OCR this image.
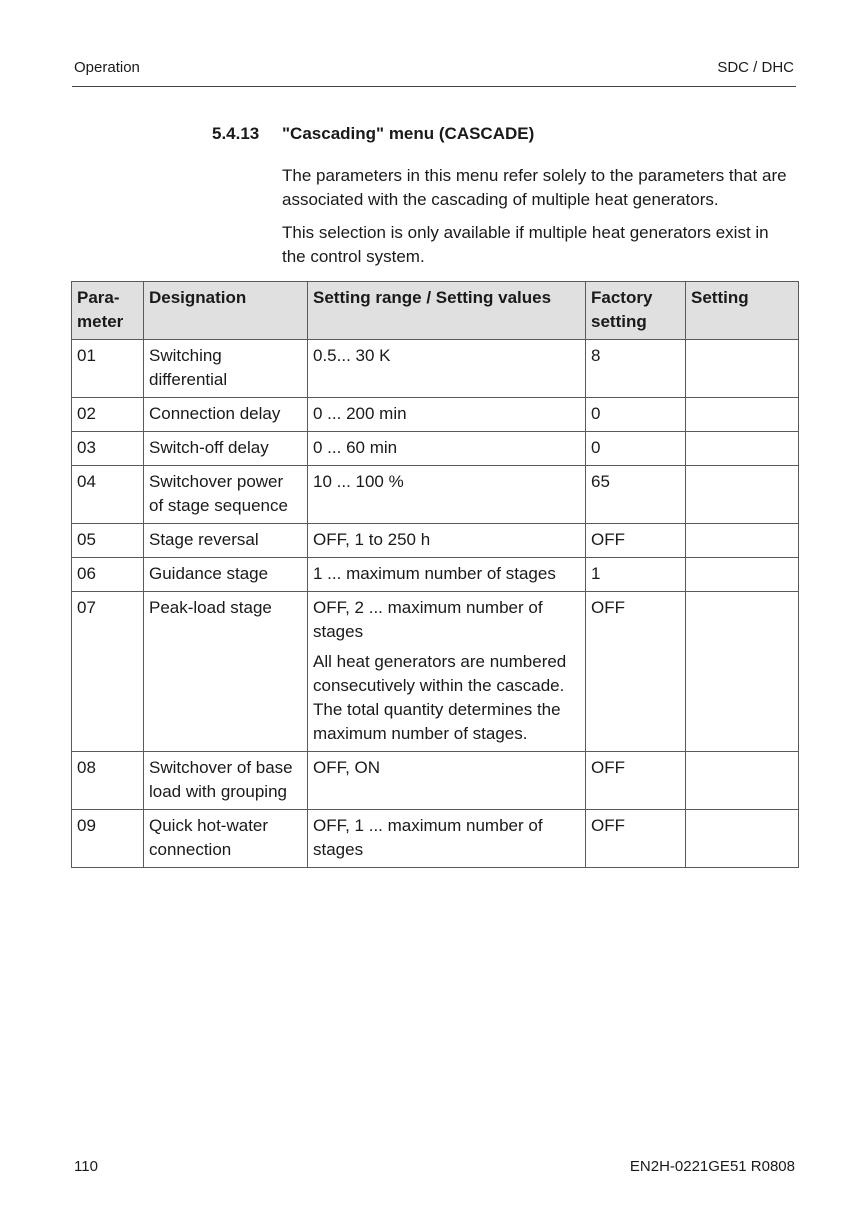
Operation	SDC / DHC
5.4.13 "Cascading" menu (CASCADE)

The parameters in this menu refer solely to the parameters that are associated with the cascading of multiple heat generators.

This selection is only available if multiple heat generators exist in the control system.

Para-
meter	Designation	Setting range / Setting values	Factory setting	Setting

01	Switching differential	0.5... 30 K	8	

02	Connection delay	0 ... 200 min	0	

03	Switch-off delay	0 ... 60 min	0	

04	Switchover power of stage sequence	10 ... 100 %	65	

05	Stage reversal	OFF, 1 to 250 h	OFF	

06	Guidance stage	1 ... maximum number of stages	1	

07	Peak-load stage	OFF, 2 ... maximum number of stages
All heat generators are numbered consecutively within the cascade. The total quantity determines the maximum number of stages.	OFF	

08	Switchover of base load with grouping	OFF, ON	OFF	

09	Quick hot-water connection	OFF, 1 ... maximum number of stages	OFF	

110	EN2H-0221GE51 R0808
